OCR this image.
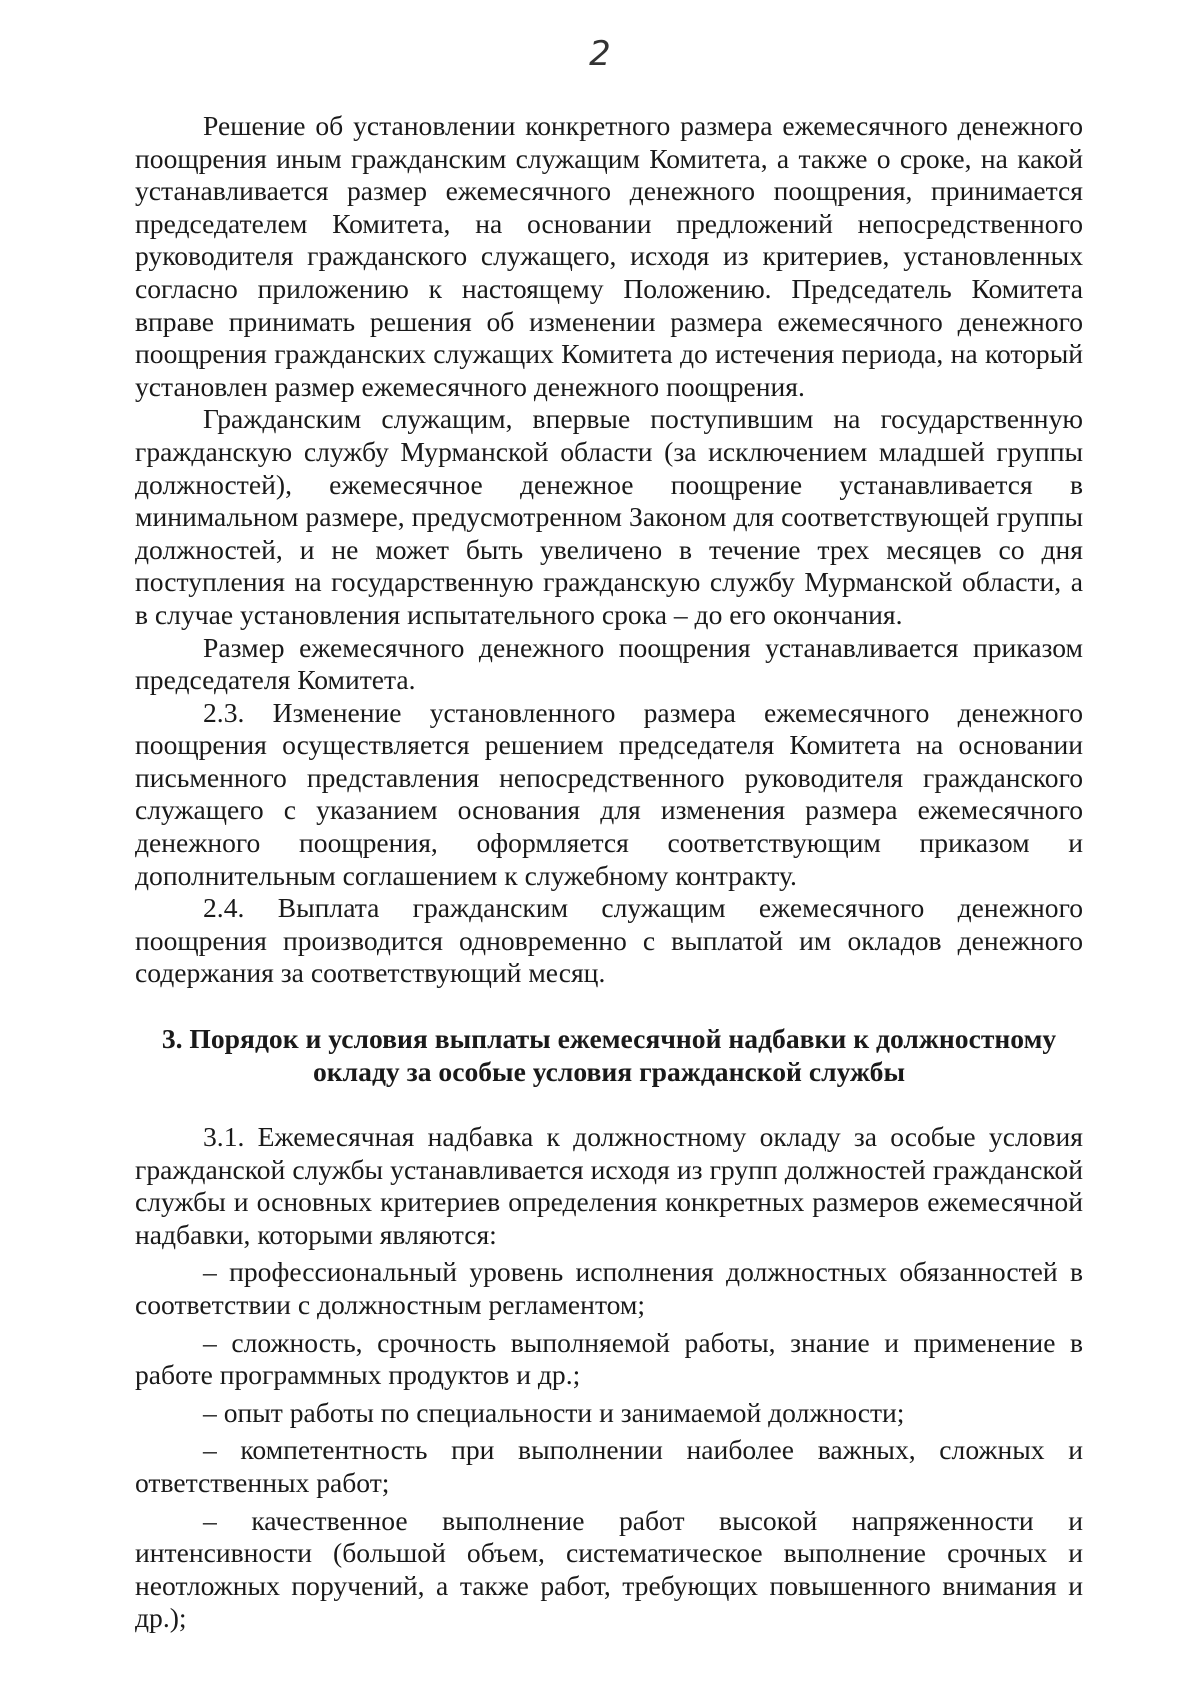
2

Решение об установлении конкретного размера ежемесячного денежного поощрения иным гражданским служащим Комитета, а также о сроке, на какой устанавливается размер ежемесячного денежного поощрения, принимается председателем Комитета, на основании предложений непосредственного руководителя гражданского служащего, исходя из критериев, установленных согласно приложению к настоящему Положению. Председатель Комитета вправе принимать решения об изменении размера ежемесячного денежного поощрения гражданских служащих Комитета до истечения периода, на который установлен размер ежемесячного денежного поощрения.

Гражданским служащим, впервые поступившим на государственную гражданскую службу Мурманской области (за исключением младшей группы должностей), ежемесячное денежное поощрение устанавливается в минимальном размере, предусмотренном Законом для соответствующей группы должностей, и не может быть увеличено в течение трех месяцев со дня поступления на государственную гражданскую службу Мурманской области, а в случае установления испытательного срока – до его окончания.

Размер ежемесячного денежного поощрения устанавливается приказом председателя Комитета.

2.3. Изменение установленного размера ежемесячного денежного поощрения осуществляется решением председателя Комитета на основании письменного представления непосредственного руководителя гражданского служащего с указанием основания для изменения размера ежемесячного денежного поощрения, оформляется соответствующим приказом и дополнительным соглашением к служебному контракту.

2.4. Выплата гражданским служащим ежемесячного денежного поощрения производится одновременно с выплатой им окладов денежного содержания за соответствующий месяц.

3. Порядок и условия выплаты ежемесячной надбавки к должностному
окладу за особые условия гражданской службы

3.1. Ежемесячная надбавка к должностному окладу за особые условия гражданской службы устанавливается исходя из групп должностей гражданской службы и основных критериев определения конкретных размеров ежемесячной надбавки, которыми являются:

– профессиональный уровень исполнения должностных обязанностей в соответствии с должностным регламентом;

– сложность, срочность выполняемой работы, знание и применение в работе программных продуктов и др.;

– опыт работы по специальности и занимаемой должности;

– компетентность при выполнении наиболее важных, сложных и ответственных работ;

– качественное выполнение работ высокой напряженности и интенсивности (большой объем, систематическое выполнение срочных и неотложных поручений, а также работ, требующих повышенного внимания и др.);
